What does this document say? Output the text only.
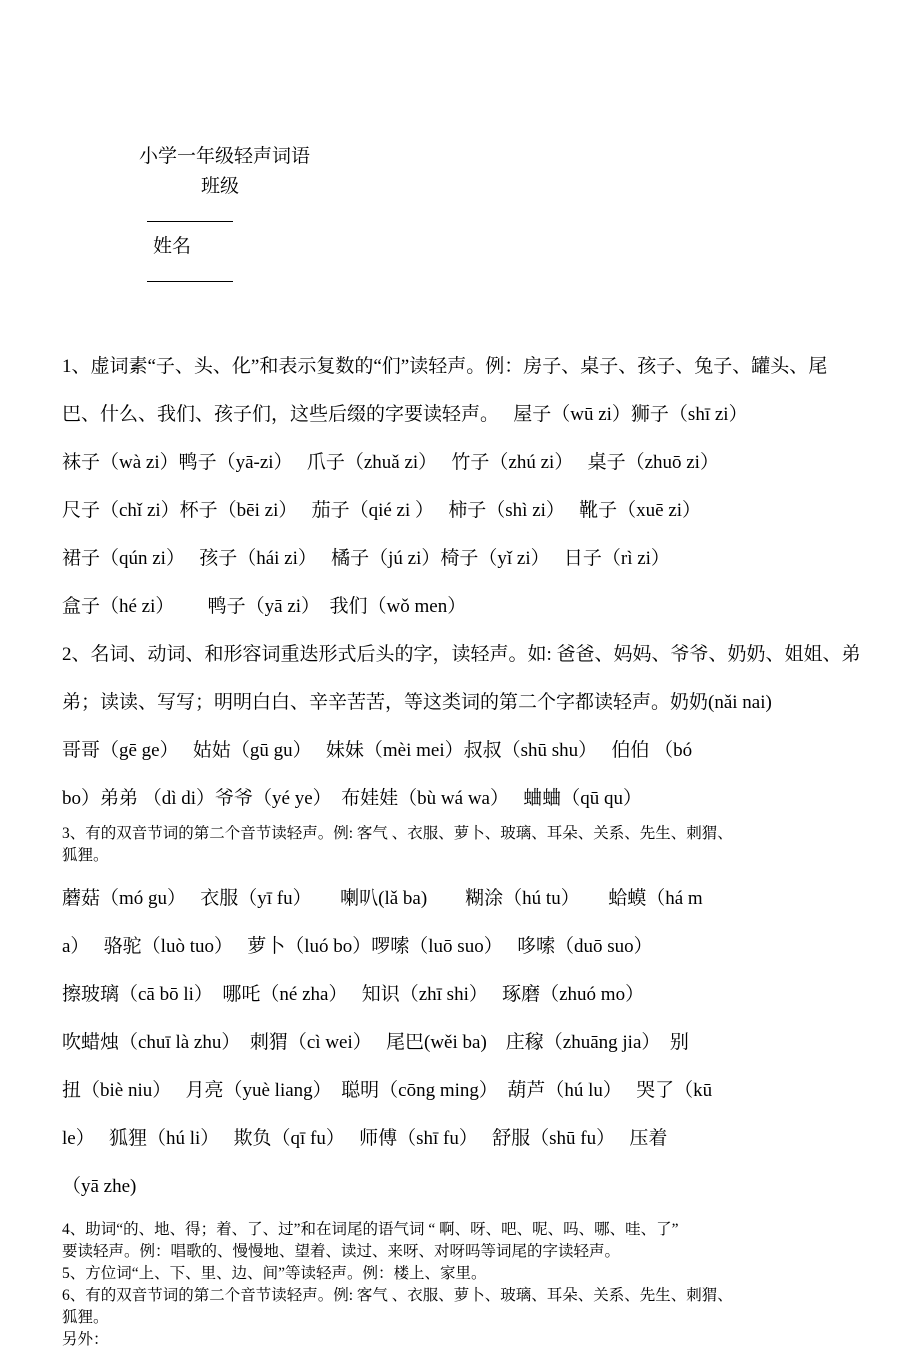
小学一年级轻声词语
班级

姓名

1、虚词素“子、头、化”和表示复数的“们”读轻声。例：房子、桌子、孩子、兔子、罐头、尾
巴、什么、我们、孩子们，这些后缀的字要读轻声。　 屋子（wū zi）狮子（shī zi）
袜子（wà zi）鸭子（yā-zi）　 爪子（zhuǎ zi）　 竹子（zhú zi）　 桌子（zhuō zi）
尺子（chǐ zi）杯子（bēi zi）　 茄子（qié zi ）　 柿子（shì zi）　 靴子（xuē zi）
裙子（qún zi）　 孩子（hái zi）　 橘子（jú zi）椅子（yǐ zi）　 日子（rì zi）
盒子（hé zi）　　 鸭子（yā zi）　我们（wǒ men）
2、名词、动词、和形容词重迭形式后头的字，读轻声。如: 爸爸、妈妈、爷爷、奶奶、姐姐、弟
弟；读读、写写；明明白白、辛辛苦苦，等这类词的第二个字都读轻声。奶奶(nǎi nai)
哥哥（gē ge）　 姑姑（gū gu）　 妹妹（mèi mei）叔叔（shū shu）　 伯伯 （bó
bo）弟弟 （dì di）爷爷（yé ye）　布娃娃（bù wá wa）　 蛐蛐（qū qu）
3、有的双音节词的第二个音节读轻声。例: 客气 、衣服、萝卜、玻璃、耳朵、关系、先生、刺猬、
狐狸。
蘑菇（mó gu）　 衣服（yī fu）　　喇叭(lǎ ba)　　糊涂（hú tu）　　蛤蟆（há m
a）　 骆驼（luò tuo）　 萝卜（luó bo）啰嗦（luō suo）　 哆嗦（duō suo）
擦玻璃（cā bō li）　哪吒（né zha）　 知识（zhī shi）　 琢磨（zhuó mo）
吹蜡烛（chuī là zhu）　刺猬（cì wei）　 尾巴(wěi ba)　庄稼（zhuāng jia）　别
扭（biè niu）　 月亮（yuè liang）　聪明（cōng ming）　葫芦（hú lu）　 哭了（kū
le）　 狐狸（hú li）　 欺负（qī fu）　 师傅（shī fu）　 舒服（shū fu）　 压着
（yā zhe)
4、助词“的、地、得；着、了、过”和在词尾的语气词 “ 啊、呀、吧、呢、吗、哪、哇、了”
要读轻声。例：唱歌的、慢慢地、望着、读过、来呀、对呀吗等词尾的字读轻声。
5、方位词“上、下、里、边、间”等读轻声。例：楼上、家里。
6、有的双音节词的第二个音节读轻声。例: 客气 、衣服、萝卜、玻璃、耳朵、关系、先生、刺猬、
狐狸。
另外：
